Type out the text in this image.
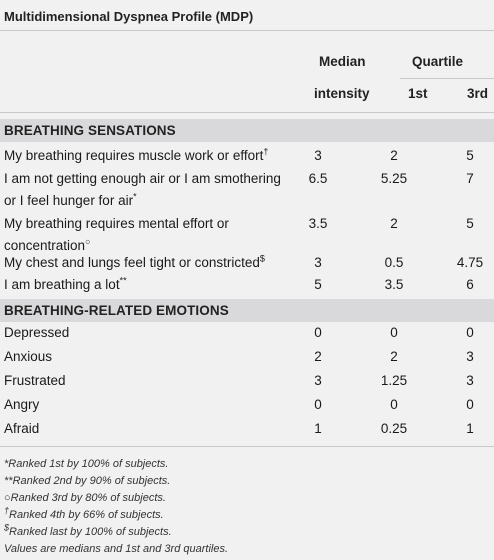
Multidimensional Dyspnea Profile (MDP)
Median	Quartile
intensity	1st	3rd
BREATHING SENSATIONS
My breathing requires muscle work or effort†	3	2	5
I am not getting enough air or I am smothering
or I feel hunger for air*
6.5	5.25	7
My breathing requires mental effort or
concentration○
3.5	2	5
My chest and lungs feel tight or constricted$	3	0.5	4.75
I am breathing a lot**	5	3.5	6
BREATHING-RELATED EMOTIONS
Depressed	0	0	0
Anxious	2	2	3
Frustrated	3	1.25	3
Angry	0	0	0
Afraid	1	0.25	1
*Ranked 1st by 100% of subjects.
**Ranked 2nd by 90% of subjects.
○Ranked 3rd by 80% of subjects.
†Ranked 4th by 66% of subjects.
$Ranked last by 100% of subjects.
Values are medians and 1st and 3rd quartiles.
